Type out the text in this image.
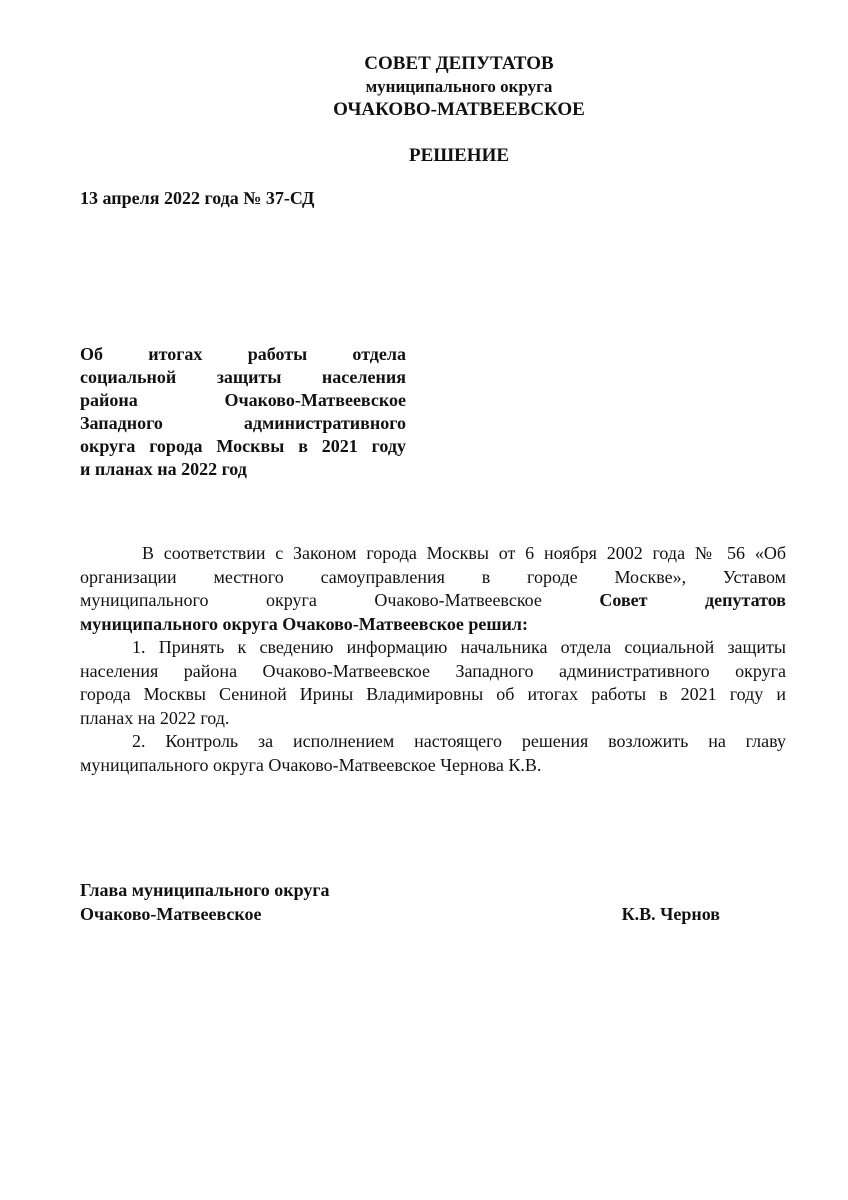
СОВЕТ ДЕПУТАТОВ
муниципального округа
ОЧАКОВО-МАТВЕЕВСКОЕ
РЕШЕНИЕ
13 апреля 2022 года № 37-СД
Об итогах работы отдела
социальной защиты населения
района Очаково-Матвеевское
Западного административного
округа города Москвы в 2021 году
и планах на 2022 год
В соответствии с Законом города Москвы от 6 ноября 2002 года № 56 «Об
организации местного самоуправления в городе Москве», Уставом
муниципального округа Очаково-Матвеевское	Совет депутатов
муниципального округа Очаково-Матвеевское решил:
1. Принять к сведению информацию начальника отдела социальной защиты
населения района Очаково-Матвеевское Западного административного округа
города Москвы Сениной Ирины Владимировны об итогах работы в 2021 году и
планах на 2022 год.
2. Контроль за исполнением настоящего решения возложить на главу
муниципального округа Очаково-Матвеевское Чернова К.В.
Глава муниципального округа
Очаково-Матвеевское	К.В. Чернов
